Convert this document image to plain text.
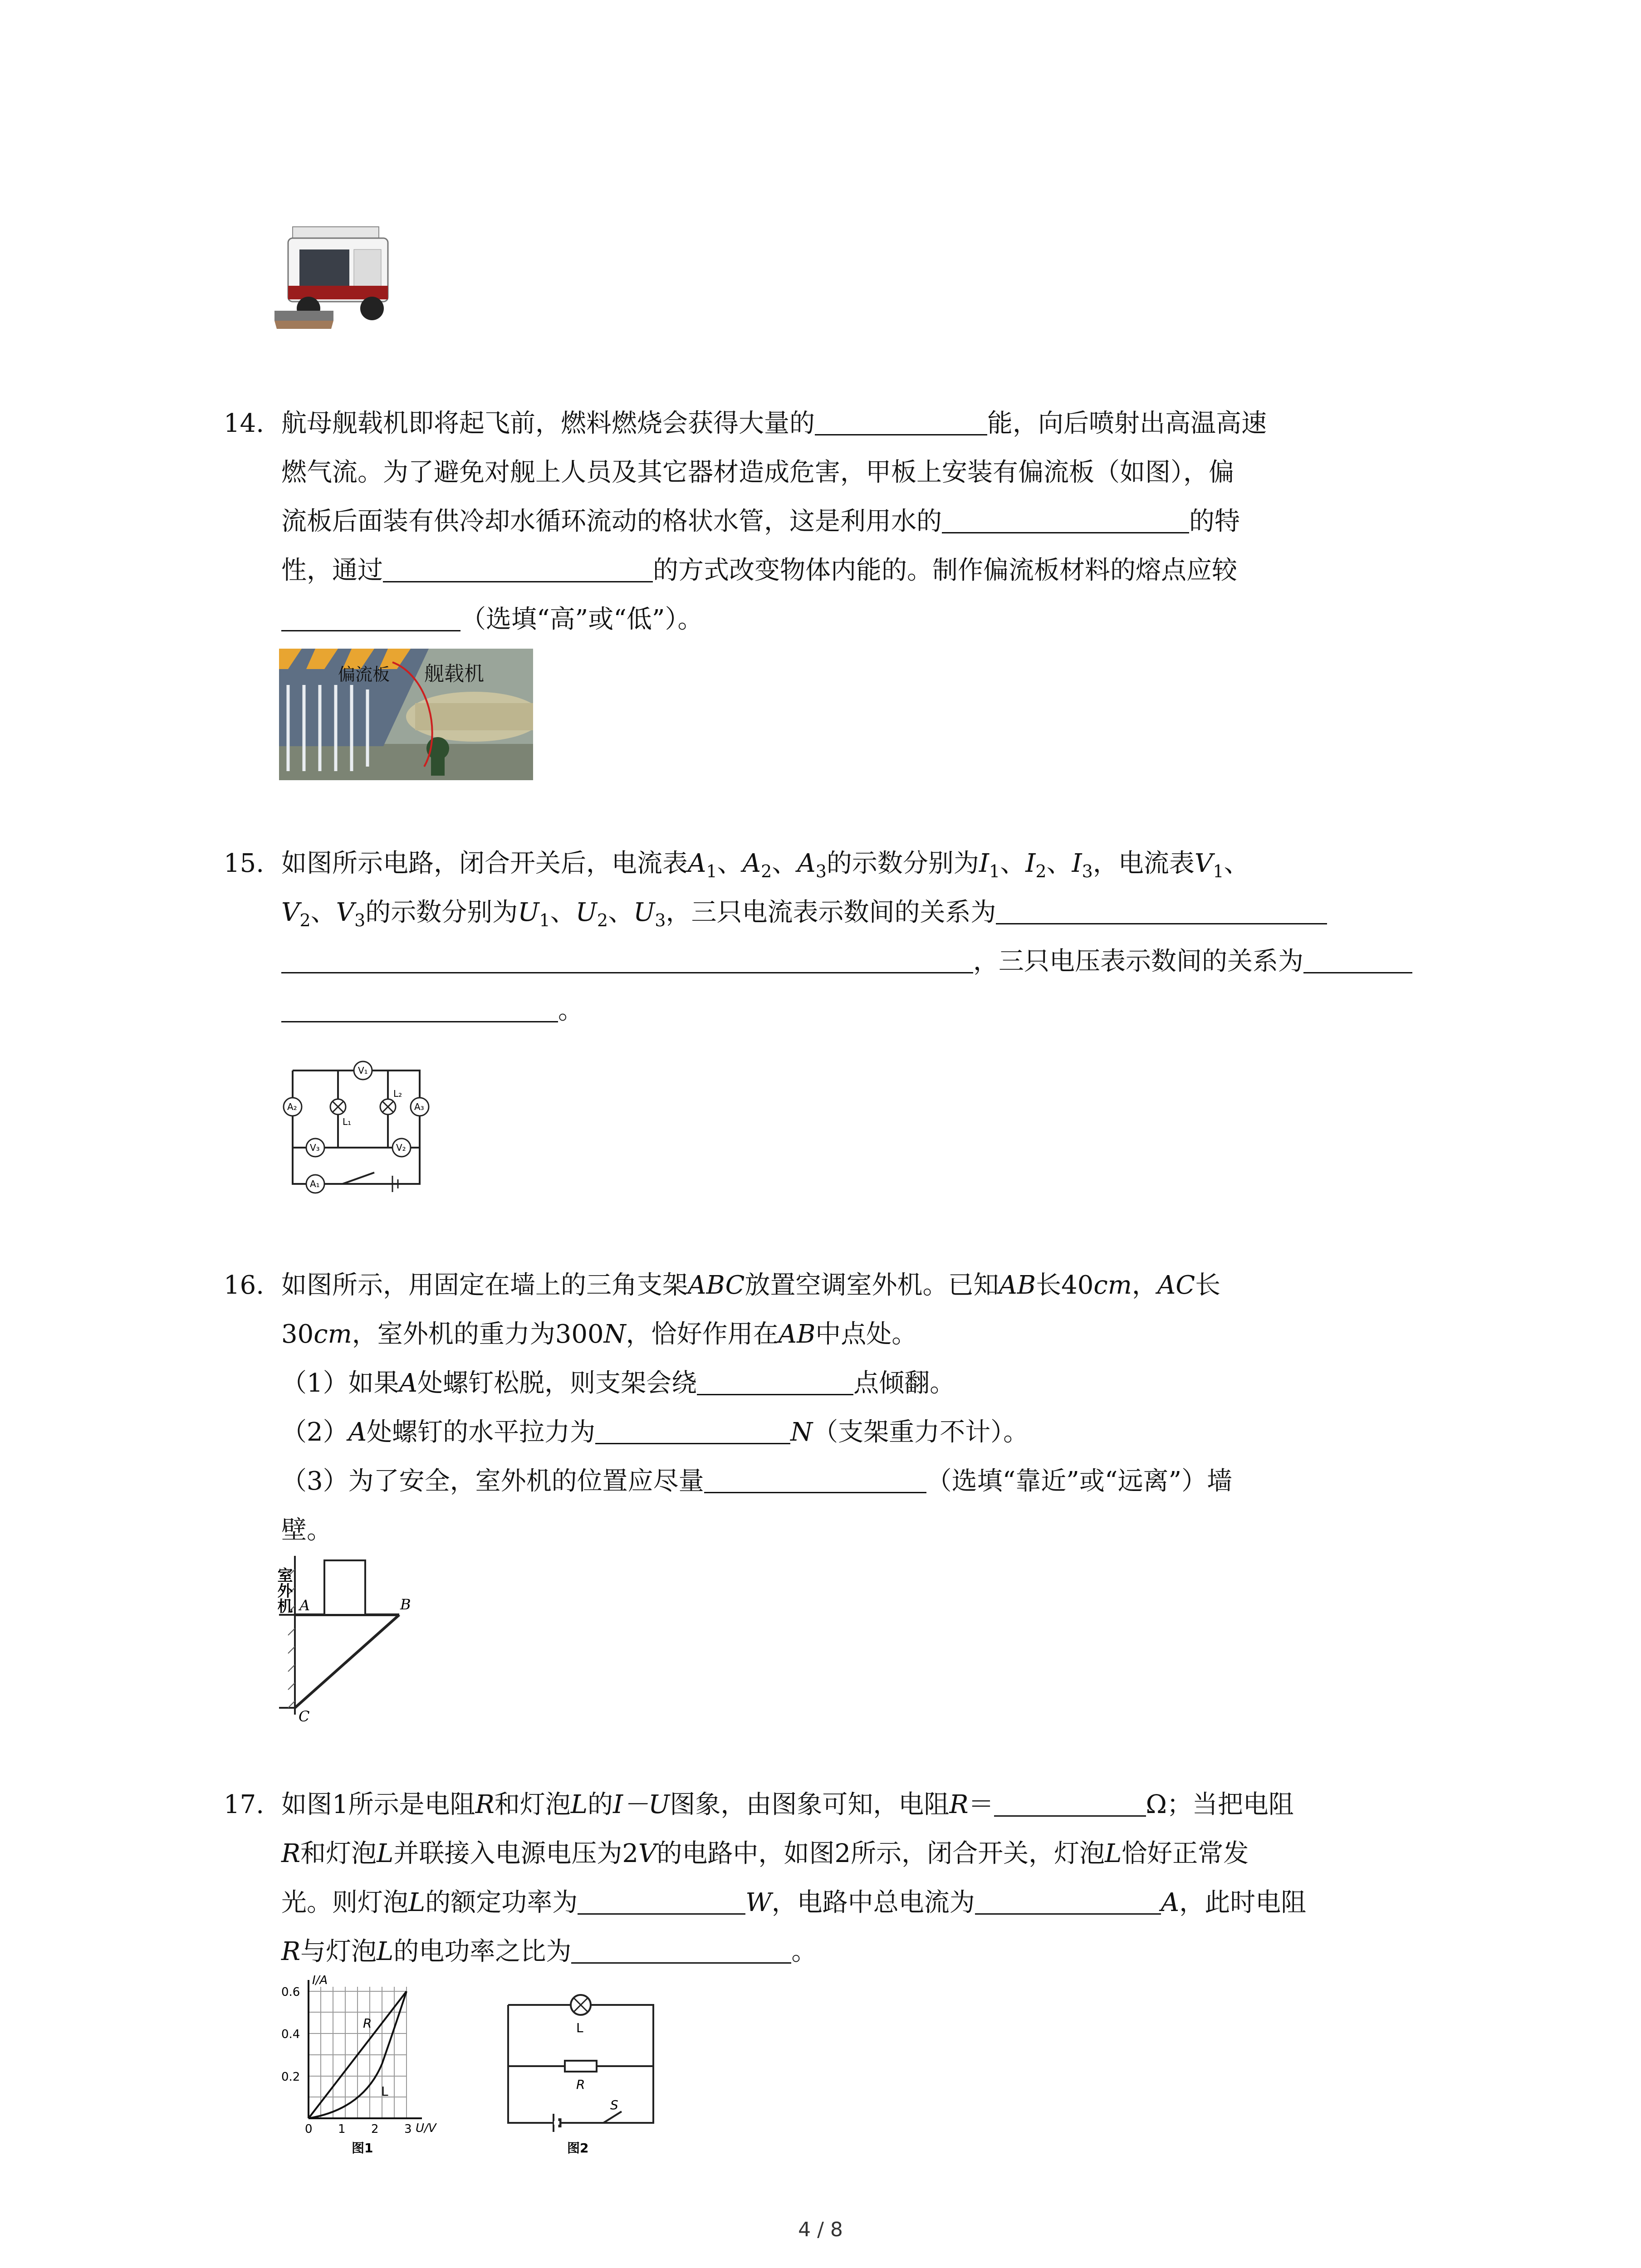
14. 航母舰载机即将起飞前，燃料燃烧会获得大量的	能，向后喷射出高温高速
燃气流。为了避免对舰上人员及其它器材造成危害，甲板上安装有偏流板（如图），偏
流板后面装有供冷却水循环流动的格状水管，这是利用水的	的特
性，通过	的方式改变物体内能的。制作偏流板材料的熔点应较
（选填“高”或“低”）。
偏流板 舰载机
15. 如图所示电路，闭合开关后，电流表$A_1$、$A_2$、$A_3$的示数分别为$I_1$、$I_2$、$I_3$，电流表$V_1$、
$V_2$、$V_3$的示数分别为$U_1$、$U_2$、$U_3$，三只电流表示数间的关系为
，三只电压表示数间的关系为
。
V₁
A₂
L₂
A₃
L₁
V₂
V₃
A₁
16. 如图所示，用固定在墙上的三角支架ABC放置空调室外机。已知AB长40cm，AC长
30cm，室外机的重力为300N，恰好作用在AB中点处。
（1）如果A处螺钉松脱，则支架会绕	点倾翻。
（2）A处螺钉的水平拉力为	N（支架重力不计）。
（3）为了安全，室外机的位置应尽量	（选填“靠近”或“远离”）墙
壁。
室外机 A	B
C
17. 如图1所示是电阻R和灯泡L的I－U图象，由图象可知，电阻R＝	Ω；当把电阻
R和灯泡L并联接入电源电压为2V的电路中，如图2所示，闭合开关，灯泡L恰好正常发
光。则灯泡L的额定功率为	W，电路中总电流为	A，此时电阻
R与灯泡L的电功率之比为	。
I/A
U/V
0.6
0.4
0.2
0 1 2 3
R
L
图1
L
R
S
图2
4 / 8
